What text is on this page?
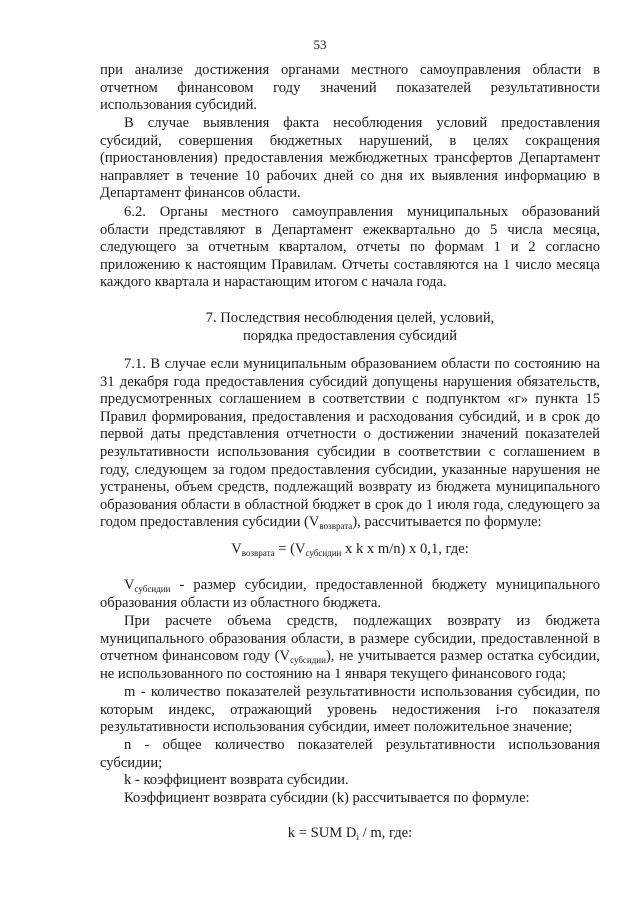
53

при анализе достижения органами местного самоуправления области в отчетном финансовом году значений показателей результативности использования субсидий.

В случае выявления факта несоблюдения условий предоставления субсидий, совершения бюджетных нарушений, в целях сокращения (приостановления) предоставления межбюджетных трансфертов Департамент направляет в течение 10 рабочих дней со дня их выявления информацию в Департамент финансов области.

6.2. Органы местного самоуправления муниципальных образований области представляют в Департамент ежеквартально до 5 числа месяца, следующего за отчетным кварталом, отчеты по формам 1 и 2 согласно приложению к настоящим Правилам. Отчеты составляются на 1 число месяца каждого квартала и нарастающим итогом с начала года.

7. Последствия несоблюдения целей, условий,

порядка предоставления субсидий

7.1. В случае если муниципальным образованием области по состоянию на 31 декабря года предоставления субсидий допущены нарушения обязательств, предусмотренных соглашением в соответствии с подпунктом «г» пункта 15 Правил формирования, предоставления и расходования субсидий, и в срок до первой даты представления отчетности о достижении значений показателей результативности использования субсидии в соответствии с соглашением в году, следующем за годом предоставления субсидии, указанные нарушения не устранены, объем средств, подлежащий возврату из бюджета муниципального образования области в областной бюджет в срок до 1 июля года, следующего за годом предоставления субсидии $(V_{возврата})$, рассчитывается по формуле:

$V_{возврата} = (V_{субсидии}$ x k x m/n) x 0,1, где:

$V_{субсидии}$ - размер субсидии, предоставленной бюджету муниципального образования области из областного бюджета.

При расчете объема средств, подлежащих возврату из бюджета муниципального образования области, в размере субсидии, предоставленной в отчетном финансовом году $(V_{субсидии})$, не учитывается размер остатка субсидии, не использованного по состоянию на 1 января текущего финансового года;

m - количество показателей результативности использования субсидии, по которым индекс, отражающий уровень недостижения i-го показателя результативности использования субсидии, имеет положительное значение;

n - общее количество показателей результативности использования субсидии;

k - коэффициент возврата субсидии.

Коэффициент возврата субсидии (k) рассчитывается по формуле:

k = SUM $D_i$ / m, где:
